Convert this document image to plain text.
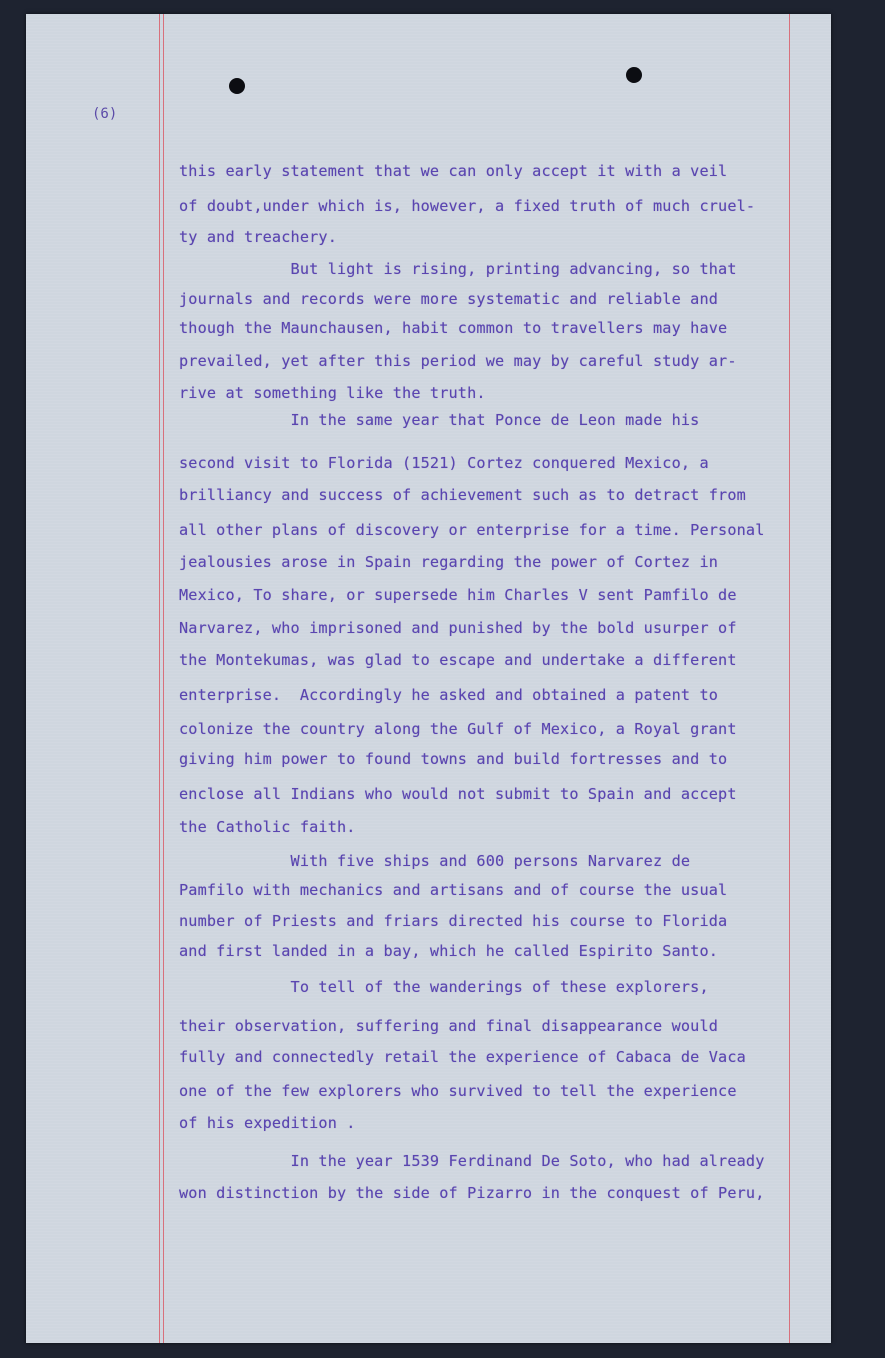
(6)
this early statement that we can only accept it with a veil
of doubt,under which is, however, a fixed truth of much cruel-
ty and treachery.
But light is rising, printing advancing, so that
journals and records were more systematic and reliable and
though the Maunchausen, habit common to travellers may have
prevailed, yet after this period we may by careful study ar-
rive at something like the truth.
In the same year that Ponce de Leon made his
second visit to Florida (1521) Cortez conquered Mexico, a
brilliancy and success of achievement such as to detract from
all other plans of discovery or enterprise for a time. Personal
jealousies arose in Spain regarding the power of Cortez in
Mexico, To share, or supersede him Charles V sent Pamfilo de
Narvarez, who imprisoned and punished by the bold usurper of
the Montekumas, was glad to escape and undertake a different
enterprise.  Accordingly he asked and obtained a patent to
colonize the country along the Gulf of Mexico, a Royal grant
giving him power to found towns and build fortresses and to
enclose all Indians who would not submit to Spain and accept
the Catholic faith.
With five ships and 600 persons Narvarez de
Pamfilo with mechanics and artisans and of course the usual
number of Priests and friars directed his course to Florida
and first landed in a bay, which he called Espirito Santo.
To tell of the wanderings of these explorers,
their observation, suffering and final disappearance would
fully and connectedly retail the experience of Cabaca de Vaca
one of the few explorers who survived to tell the experience
of his expedition .
In the year 1539 Ferdinand De Soto, who had already
won distinction by the side of Pizarro in the conquest of Peru,
